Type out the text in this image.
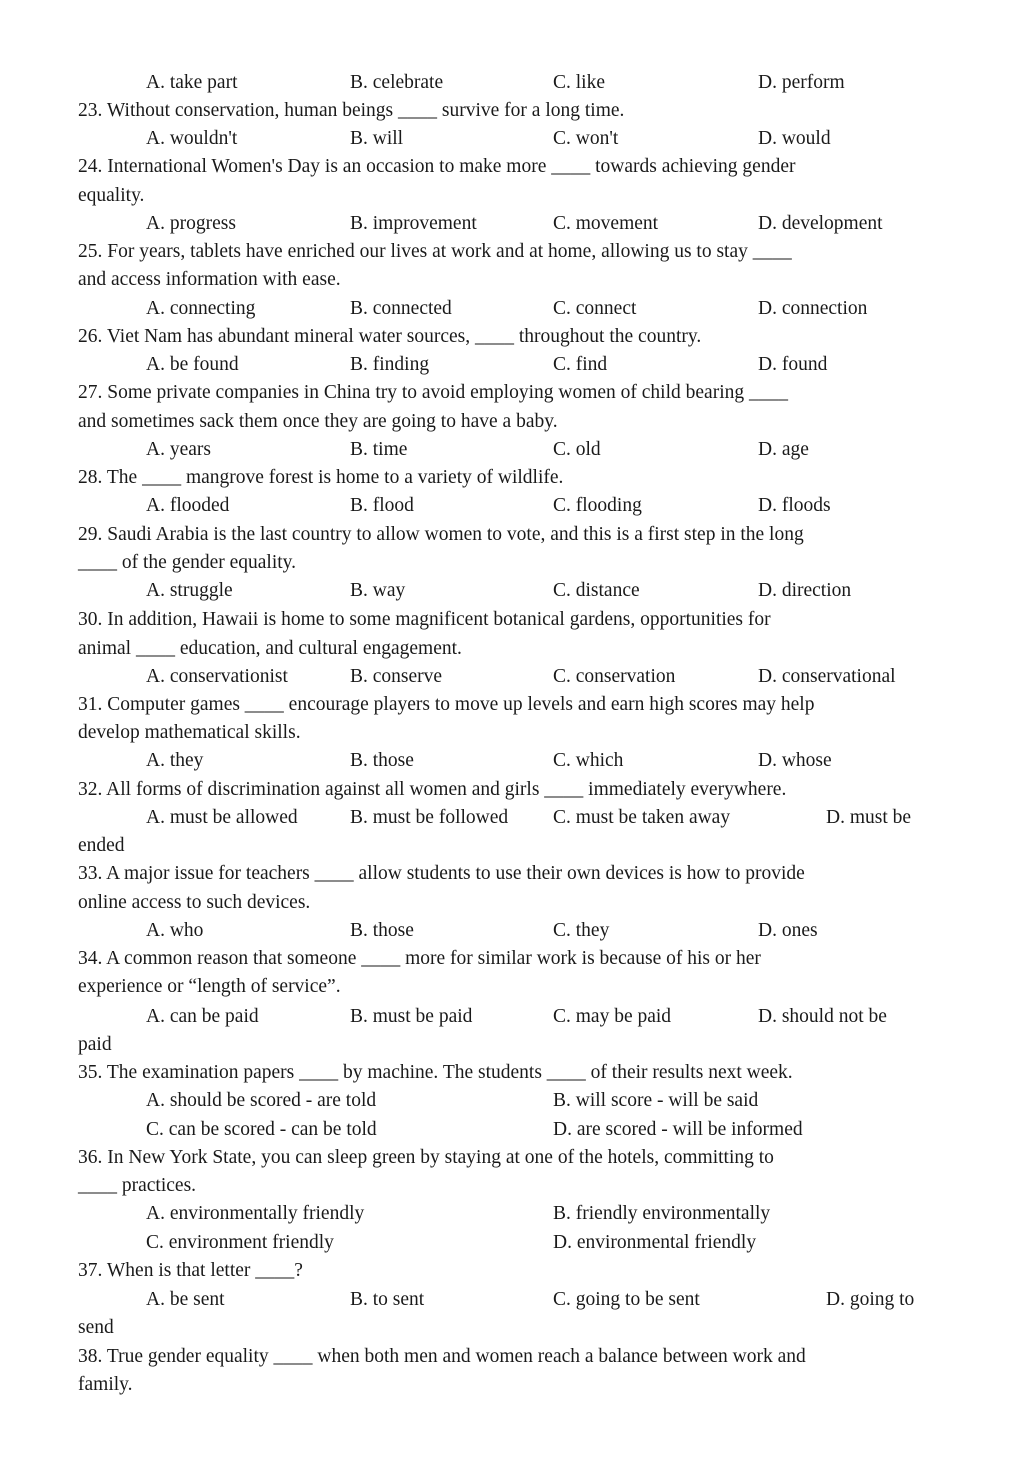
A. take part	B. celebrate	C. like	D. perform
23. Without conservation, human beings ____ survive for a long time.
A. wouldn't	B. will	C. won't	D. would
24. International Women's Day is an occasion to make more ____ towards achieving gender
equality.
A. progress	B. improvement	C. movement	D. development
25. For years, tablets have enriched our lives at work and at home, allowing us to stay ____
and access information with ease.
A. connecting	B. connected	C. connect	D. connection
26. Viet Nam has abundant mineral water sources, ____ throughout the country.
A. be found	B. finding	C. find	D. found
27. Some private companies in China try to avoid employing women of child bearing ____
and sometimes sack them once they are going to have a baby.
A. years	B. time	C. old	D. age
28. The ____ mangrove forest is home to a variety of wildlife.
A. flooded	B. flood	C. flooding	D. floods
29. Saudi Arabia is the last country to allow women to vote, and this is a first step in the long
____ of the gender equality.
A. struggle	B. way	C. distance	D. direction
30. In addition, Hawaii is home to some magnificent botanical gardens, opportunities for
animal ____ education, and cultural engagement.
A. conservationist	B. conserve	C. conservation	D. conservational
31. Computer games ____ encourage players to move up levels and earn high scores may help
develop mathematical skills.
A. they	B. those	C. which	D. whose
32. All forms of discrimination against all women and girls ____ immediately everywhere.
A. must be allowed	B. must be followed C. must be taken away	D. must be
ended
33. A major issue for teachers ____ allow students to use their own devices is how to provide
online access to such devices.
A. who	B. those	C. they	D. ones
34. A common reason that someone ____ more for similar work is because of his or her
experience or “length of service”.
A. can be paid	B. must be paid	C. may be paid	D. should not be
paid
35. The examination papers ____ by machine. The students ____ of their results next week.
A. should be scored - are told	B. will score - will be said
C. can be scored - can be told	D. are scored - will be informed
36. In New York State, you can sleep green by staying at one of the hotels, committing to
____ practices.
A. environmentally friendly	B. friendly environmentally
C. environment friendly	D. environmental friendly
37. When is that letter ____?
A. be sent	B. to sent	C. going to be sent	D. going to
send
38. True gender equality ____ when both men and women reach a balance between work and
family.
